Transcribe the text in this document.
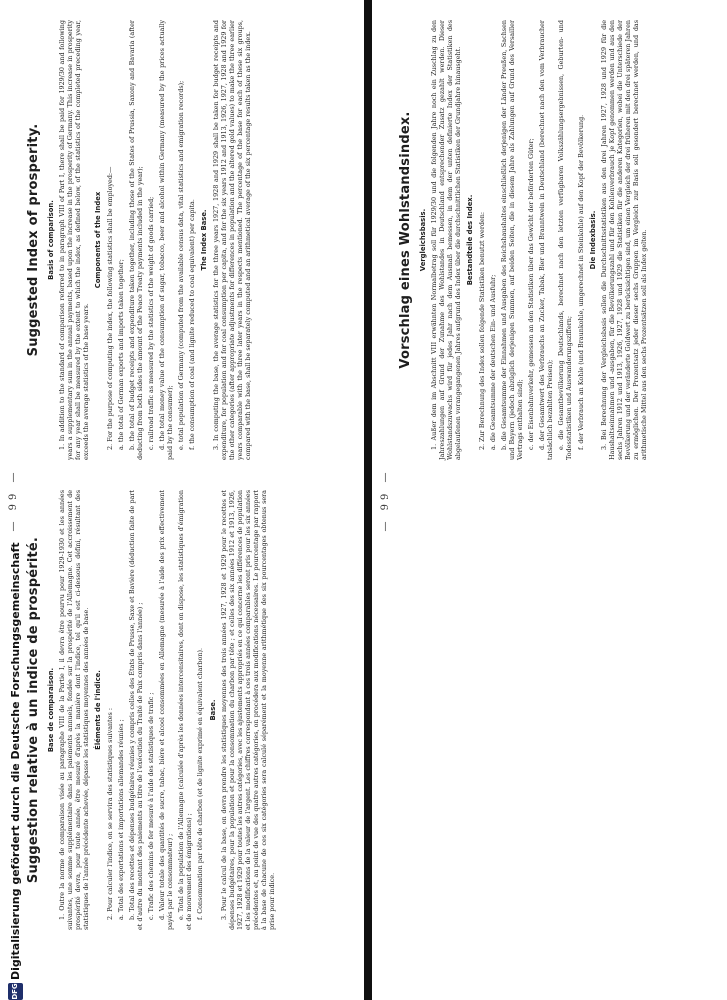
— 99 —
Suggestion relative à un indice de prospérité. Base de comparaison. 1. Outre la norme de comparaison visée au paragraphe VIII de la Partie I, il devra être pourvu pour 1929-1930 et les années suivantes, une somme supplémentaire dans les paiements annuels, fondée sur la prospérité de l'Allemagne. Cet accroissement de prospérité devra, pour toute année, être mesuré d'après la manière dont l'indice, tel qu'il est ci-dessous défini, résultant des statistiques de l'année précédente achevée, dépasse les statistiques moyennes des années de base. Éléments de l'indice. 2. Pour calculer l'indice, on se servira des statistiques suivantes : a. Total des exportations et importations allemandes réunies ; b. Total des recettes et dépenses budgétaires réunies y compris celles des États de Prusse, Saxe et Bavière (déduction faite de part et d'autre du montant des paiements au titre de l'exécution du Traité de Paix compris dans l'année) ; c. Trafic des chemins de fer mesuré à l'aide des statistiques de trafic ; d. Valeur totale des quantités de sucre, tabac, bière et alcool consommées en Allemagne (mesurée à l'aide des prix effectivement payés par le consommateur) ; e. Total de la population de l'Allemagne (calculée d'après les données intercensitaires, dont on dispose, les statistiques d'émigration et de mouvement des émigrations) ; f. Consommation par tête de charbon (et de lignite exprimé en équivalent charbon). Base. 3. Pour le calcul de la base, on devra prendre les statistiques moyennes des trois années 1927, 1928 et 1929 pour le recettes et dépenses budgétaires, pour la population et pour la consommation du charbon par tête ; et celles des six années 1912 et 1913, 1926, 1927, 1928 et 1929 pour toutes les autres catégories, avec les ajustements appropriés en ce qui concerne les différences de population et les modifications de la valeur de l'argent. Les chiffres correspondant à ces trois années comparables seront pris pour les six années précédentes et, au point de vue des quatre autres catégories, on procédera aux modifications nécessaires. Le pourcentage par rapport à la base de chacune de ces six catégories sera calculé séparément et la moyenne arithmétique des six pourcentages obtenus sera prise pour indice.

Suggested Index of prosperity. Basis of comparison. 1. In addition to the standard of comparison referred to in paragraph VIII of Part I, there shall be paid for 1929/30 and following years a supplementary sum in the annual payments, based upon the increase in the prosperity of Germany. This increase in prosperity for any year shall be measured by the extent to which the index, as defined below, of the statistics of the completed preceding year, exceeds the average statistics of the base years.

Components of the Index 2. For the purpose of computing the index, the following statistics shall be employed:— a. the total of German exports and imports taken together; b. the total of budget receipts and expenditure taken together, including those of the States of Prussia, Saxony and Bavaria (after deducting from both sides the amount of the Peace Treaty payments included in the year); c. railroad traffic as measured by the statistics of the weight of goods carried; d. the total money value of the consumption of sugar, tobacco, beer and alcohol within Germany (measured by the prices actually paid by the consumer); e. total population of Germany (computed from the available census data, vital statistics and emigration records); f. the consumption of coal (and lignite reduced to coal equivalent) per capita. The Index Base. 3. In computing the base, the average statistics for the three years 1927, 1928 and 1929 shall be taken for budget receipts and expenditure, for population and for coal consumption per capita, and for the six years 1912 and 1913, 1926, 1927, 1928 and 1929 for the other categories (after appropriate adjustments for differences in population and the altered gold values) to make the three earlier years comparable with the three later years in the respects mentioned. The percentage of the base for each of these six groups, compared with the base, shall be separately computed and an arithmetical average of the six percentage results taken as the index.

— 99 —
Vorschlag eines Wohlstandsindex. Vergleichsbasis. 1. Außer dem im Abschnitt VIII erwähnten Normalbetrag soll für 1929/30 und die folgenden Jahre noch ein Zuschlag zu den Jahreszahlungen auf Grund der Zunahme des Wohlstandes in Deutschland entsprechender Zusatz gezahlt werden. Dieser Wohlstandszuwachs wird für jedes Jahr nach dem Ausmaß bemessen, in dem der unten definierte Index der Statistiken des abgelaufenen vorangegangenen Jahres aufgrund des Index über die durchschnittlichen Statistiken der Grundjahre hinausgeht. Bestandteile des Index. 2. Zur Berechnung des Index sollen folgende Statistiken benutzt werden: a. die Gesamtsumme der deutschen Ein- und Ausfuhr; b. die Gesamtsumme der Einnahmen und Ausgaben des Reichshaushaltes einschließlich derjenigen der Länder Preußen, Sachsen und Bayern (jedoch abzüglich derjenigen Summen, auf beiden Seiten, die in diesem Jahre als Zahlungen auf Grund des Versailler Vertrags enthalten sind); c. der Eisenbahnverkehr, gemessen an den Statistiken über das Gewicht der beförderten Güter; d. der Gesamtwert des Verbrauchs an Zucker, Tabak, Bier und Branntwein in Deutschland (berechnet nach den vom Verbraucher tatsächlich bezahlten Preisen); e. die Gesamtbevölkerung Deutschlands, berechnet nach den letzten verfügbaren Volkszählungsergebnissen, Geburten- und Todesstatistiken und Auswanderungsziffern; f. der Verbrauch an Kohle (und Braunkohle, umgerechnet in Steinkohle) auf den Kopf der Bevölkerung. Die Indexbasis. 3. Bei Berechnung der Vergleichsbasis sollen die Durchschnittsstatistiken aus den drei Jahren 1927, 1928 und 1929 für die Haushaltseinnahmen und -ausgaben, für die Bevölkerungszahl und für den Kohlenverbrauch je Kopf genommen werden und aus den sechs Jahren 1912 und 1913, 1926, 1927, 1928 und 1929 die Statistiken für die anderen Kategorien, wobei die Unterschiede der Bevölkerung und der veränderte Goldwert zu berücksichtigen sind, um einen Vergleich der drei früheren mit den drei späteren Jahren zu ermöglichen. Der Prozentsatz jeder dieser sechs Gruppen im Vergleich zur Basis soll gesondert berechnet werden, und das arithmetische Mittel aus den sechs Prozentsätzen soll als Index gelten.

DFG
Digitalisierung gefördert durch die Deutsche Forschungsgemeinschaft
